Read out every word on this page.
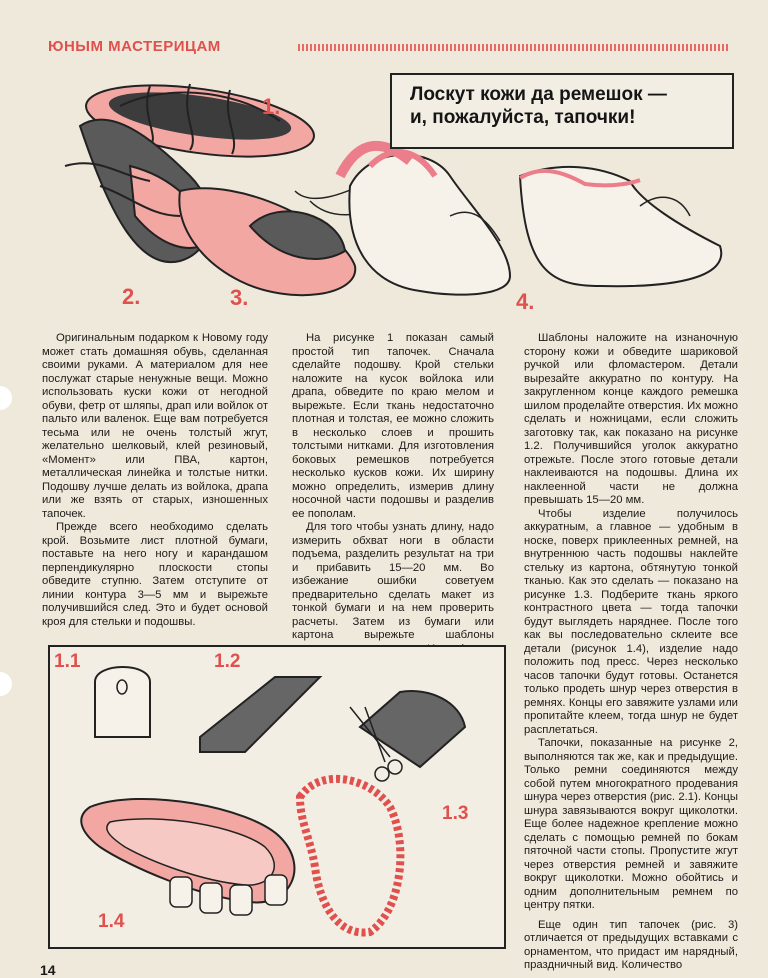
ЮНЫМ МАСТЕРИЦАМ
1.
2.	3.	4.
Лоскут кожи да ремешок —
и, пожалуйста, тапочки!

Оригинальным подарком к Новому году может стать домашняя обувь, сделанная своими руками. А материалом для нее послужат старые ненужные вещи. Можно использовать куски кожи от негодной обуви, фетр от шляпы, драп или войлок от пальто или валенок. Еще вам потребуется тесьма или не очень толстый жгут, желательно шелковый, клей резиновый, «Момент» или ПВА, картон, металлическая линейка и толстые нитки. Подошву лучше делать из войлока, драпа или же взять от старых, изношенных тапочек.

Прежде всего необходимо сделать крой. Возьмите лист плотной бумаги, поставьте на него ногу и карандашом перпендикулярно плоскости стопы обведите ступню. Затем отступите от линии контура 3—5 мм и вырежьте получившийся след. Это и будет основой кроя для стельки и подошвы.

На рисунке 1 показан самый простой тип тапочек. Сначала сделайте подошву. Крой стельки наложите на кусок войлока или драпа, обведите по краю мелом и вырежьте. Если ткань недостаточно плотная и толстая, ее можно сложить в несколько слоев и прошить толстыми нитками. Для изготовления боковых ремешков потребуется несколько кусков кожи. Их ширину можно определить, измерив длину носочной части подошвы и разделив ее пополам.

Для того чтобы узнать длину, надо измерить обхват ноги в области подъема, разделить результат на три и прибавить 15—20 мм. Во избежание ошибки советуем предварительно сделать макет из тонкой бумаги и на нем проверить расчеты. Затем из бумаги или картона вырежьте шаблоны

Шаблоны наложите на изнаночную сторону кожи и обведите шариковой ручкой или фломастером. Детали вырезайте аккуратно по контуру. На закругленном конце каждого ремешка шилом проделайте отверстия. Их можно сделать и ножницами, если сложить заготовку так, как показано на рисунке 1.2. Получившийся уголок аккуратно отрежьте. После этого готовые детали наклеиваются на подошвы. Длина их наклеенной части не должна превышать 15—20 мм.

Чтобы изделие получилось аккуратным, а главное — удобным в носке, поверх приклеенных ремней, на внутреннюю часть подошвы наклейте стельку из картона, обтянутую тонкой тканью. Как это сделать — показано на рисунке 1.3. Подберите ткань яркого контрастного цвета — тогда тапочки будут выглядеть наряднее. После того как вы последовательно склеите все детали (рисунок 1.4), изделие надо положить под пресс. Через несколько часов тапочки будут готовы. Останется только продеть шнур через отверстия в ремнях. Концы его завяжите узлами или пропитайте клеем, тогда шнур не будет расплетаться.

Тапочки, показанные на рисунке 2, выполняются так же, как и предыдущие. Только ремни соединяются между собой путем многократного продевания шнура через отверстия (рис. 2.1). Концы шнура завязываются вокруг щиколотки. Еще более надежное крепление можно сделать с помощью ремней по бокам пяточной части стопы. Пропустите жгут через отверстия ремней и завяжите вокруг щиколотки. Можно обойтись и одним дополнительным ремнем по центру пятки.

Еще один тип тапочек (рис. 3) отличается от предыдущих вставками с орнаментом, что придаст им нарядный, праздничный вид. Количество

1.1	1.2
1.3
1.4
14
